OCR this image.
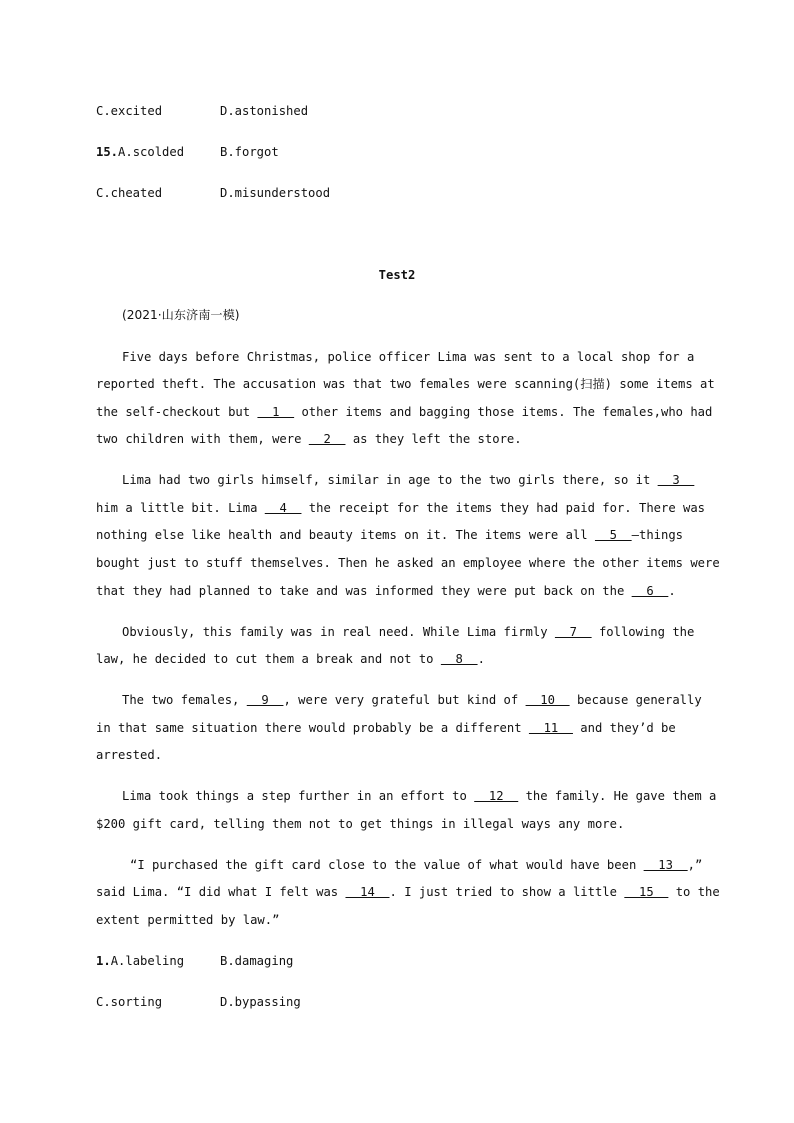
C.excited	D.astonished
15.A.scolded	B.forgot
C.cheated	D.misunderstood
Test2
(2021·山东济南一模)
Five days before Christmas, police officer Lima was sent to a local shop for a
reported theft. The accusation was that two females were scanning(扫描) some items at
the self-checkout but   1   other items and bagging those items. The females,who had
two children with them, were   2   as they left the store.
Lima had two girls himself, similar in age to the two girls there, so it   3
him a little bit. Lima   4   the receipt for the items they had paid for. There was
nothing else like health and beauty items on it. The items were all   5  —things
bought just to stuff themselves. Then he asked an employee where the other items were
that they had planned to take and was informed they were put back on the   6  .
Obviously, this family was in real need. While Lima firmly   7   following the
law, he decided to cut them a break and not to   8  .
The two females,   9  , were very grateful but kind of   10   because generally
in that same situation there would probably be a different   11   and they’d be
arrested.
Lima took things a step further in an effort to   12   the family. He gave them a
$200 gift card, telling them not to get things in illegal ways any more.
“I purchased the gift card close to the value of what would have been   13  ,”
said Lima. “I did what I felt was   14  . I just tried to show a little   15   to the
extent permitted by law.”
1.A.labeling	B.damaging
C.sorting	D.bypassing
